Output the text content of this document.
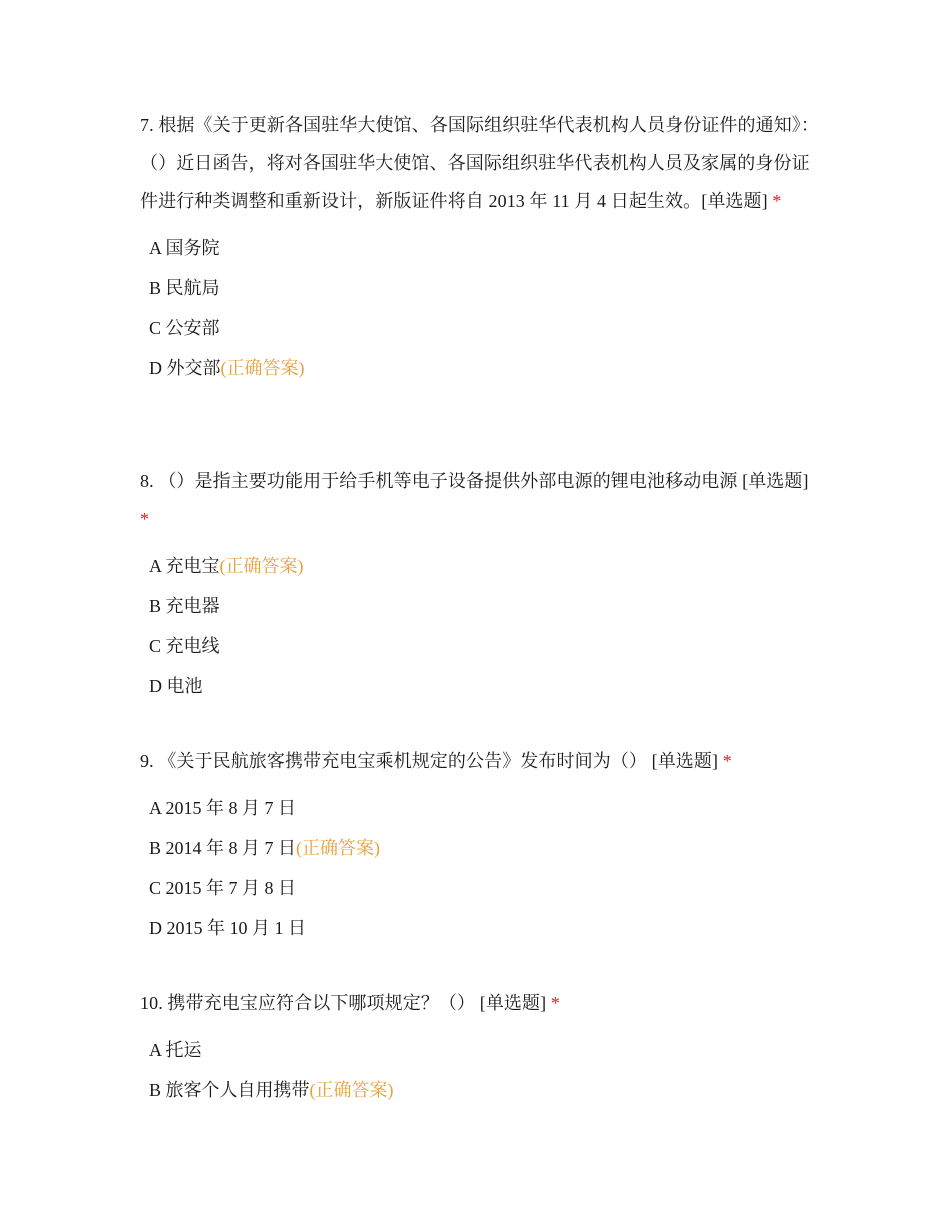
7. 根据《关于更新各国驻华大使馆、各国际组织驻华代表机构人员身份证件的通知》：（）近日函告，将对各国驻华大使馆、各国际组织驻华代表机构人员及家属的身份证件进行种类调整和重新设计，新版证件将自 2013 年 11 月 4 日起生效。[单选题] *

A 国务院
B 民航局
C 公安部
D 外交部(正确答案)

8. （）是指主要功能用于给手机等电子设备提供外部电源的锂电池移动电源 [单选题] *

A 充电宝(正确答案)
B 充电器
C 充电线
D 电池

9. 《关于民航旅客携带充电宝乘机规定的公告》发布时间为（） [单选题] *

A 2015 年 8 月 7 日
B 2014 年 8 月 7 日(正确答案)
C 2015 年 7 月 8 日
D 2015 年 10 月 1 日

10. 携带充电宝应符合以下哪项规定？（） [单选题] *

A 托运
B 旅客个人自用携带(正确答案)
